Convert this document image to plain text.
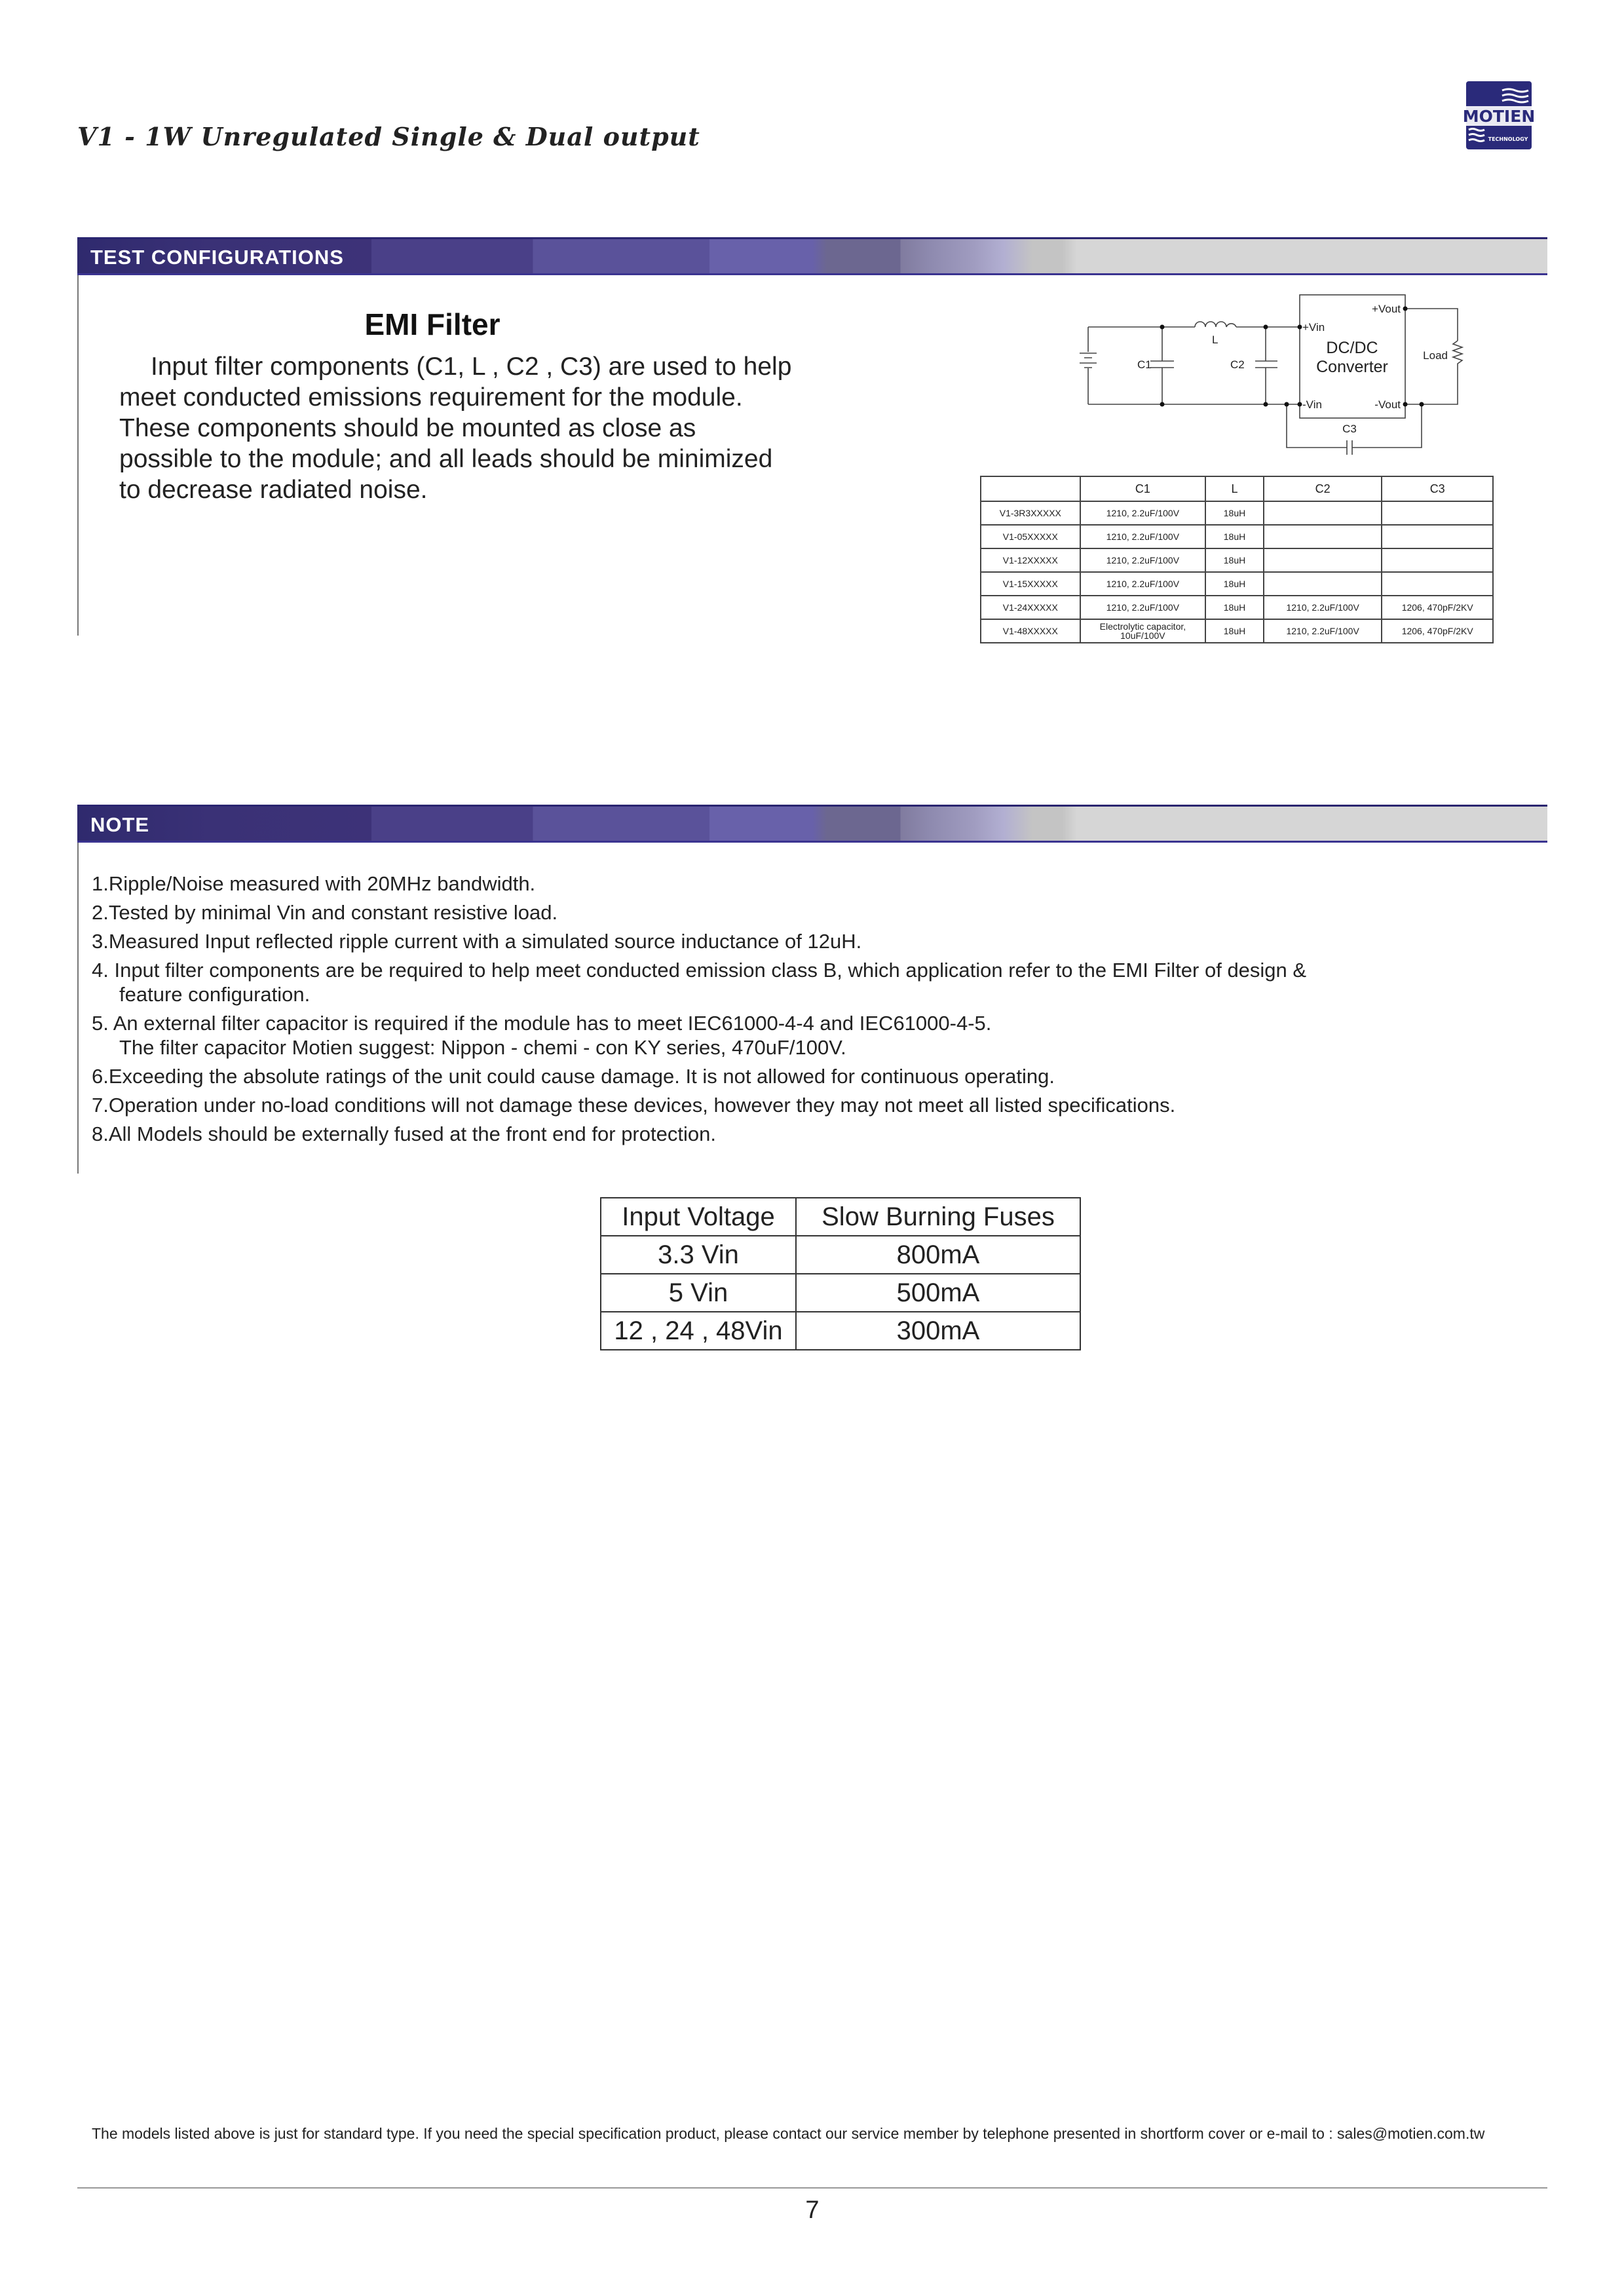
V1 - 1W Unregulated Single & Dual output
MOTIEN
TECHNOLOGY
TEST CONFIGURATIONS
EMI Filter
Input filter components (C1, L , C2 , C3) are used to help
meet conducted emissions requirement for the module.
These components should be mounted as close as
possible to the module; and all leads should be minimized
to decrease radiated noise.
C1
L
C2
+Vin
-Vin
+Vout
-Vout
Load
C3
DC/DC
Converter
	C1	L	C2	C3
V1-3R3XXXXX	1210, 2.2uF/100V	18uH		
V1-05XXXXX	1210, 2.2uF/100V	18uH		
V1-12XXXXX	1210, 2.2uF/100V	18uH		
V1-15XXXXX	1210, 2.2uF/100V	18uH		
V1-24XXXXX	1210, 2.2uF/100V	18uH	1210, 2.2uF/100V	1206, 470pF/2KV
V1-48XXXXX	Electrolytic capacitor, 10uF/100V	18uH	1210, 2.2uF/100V	1206, 470pF/2KV
NOTE
1.Ripple/Noise measured with 20MHz bandwidth.
2.Tested by minimal Vin and constant resistive load.
3.Measured Input reflected ripple current with a simulated source inductance of 12uH.
4. Input filter components are be required to help meet conducted emission class B, which application refer to the EMI Filter of design &
feature configuration.
5. An external filter capacitor is required if the module has to meet IEC61000-4-4 and IEC61000-4-5.
The filter capacitor Motien suggest: Nippon - chemi - con KY series, 470uF/100V.
6.Exceeding the absolute ratings of the unit could cause damage. It is not allowed for continuous operating.
7.Operation under no-load conditions will not damage these devices, however they may not meet all listed specifications.
8.All Models should be externally fused at the front end for protection.
Input Voltage	Slow Burning Fuses
3.3 Vin	800mA
5 Vin	500mA
12 , 24 , 48Vin	300mA
The models listed above is just for standard type. If you need the special specification product, please contact our service member by telephone presented in shortform cover or e-mail to : sales@motien.com.tw
7
